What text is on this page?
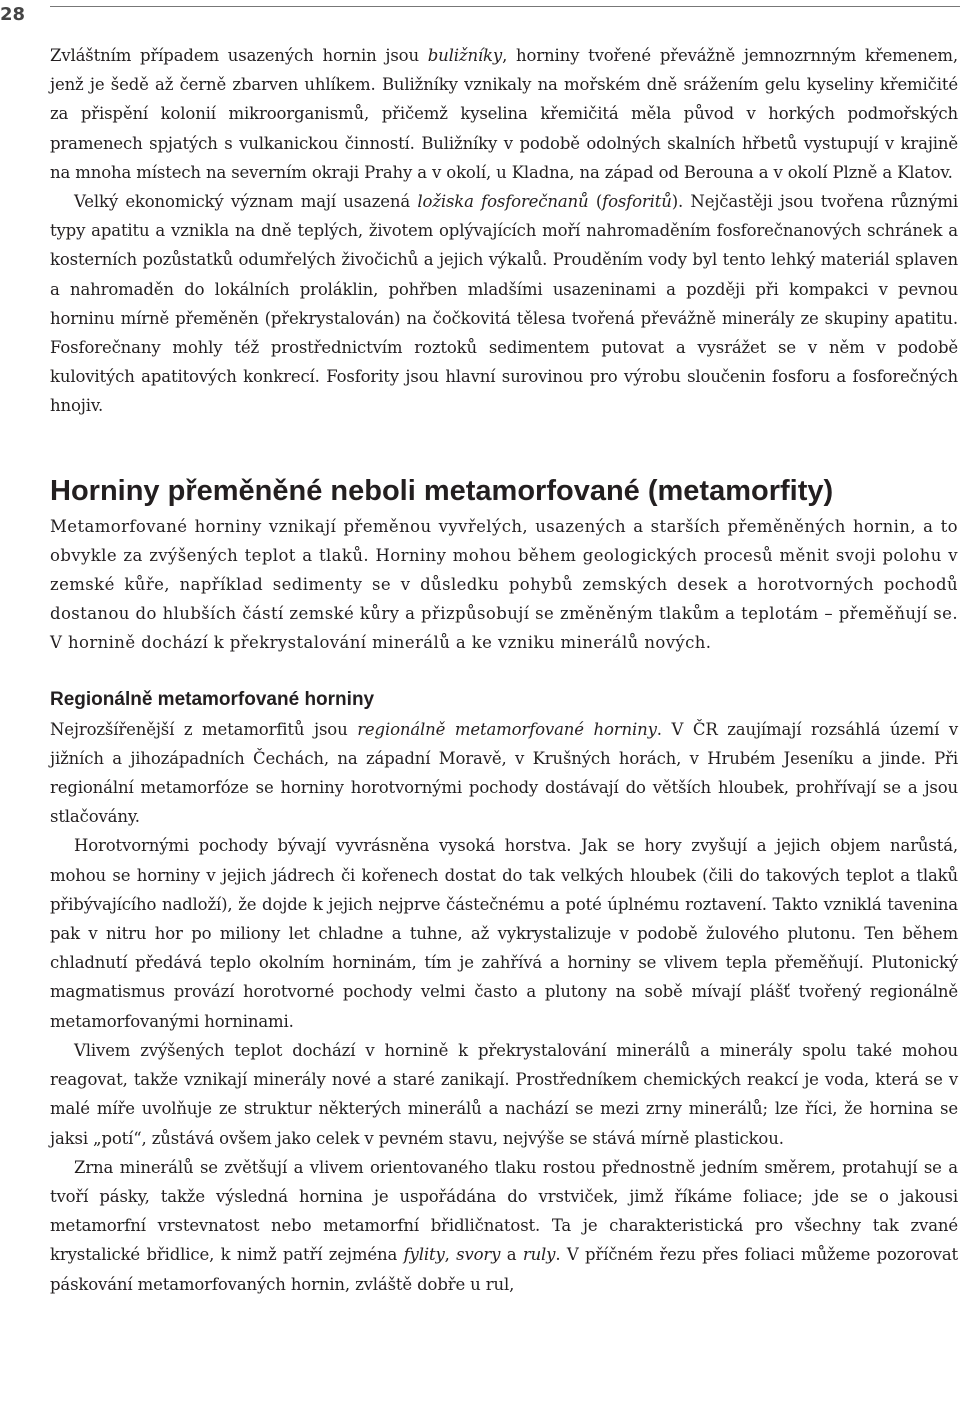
28

Zvláštním případem usazených hornin jsou buližníky, horniny tvořené převážně jemnozrnným křemenem, jenž je šedě až černě zbarven uhlíkem. Buližníky vznikaly na mořském dně srážením gelu kyseliny křemičité za přispění kolonií mikroorganismů, přičemž kyselina křemičitá měla původ v horkých podmořských pramenech spjatých s vulkanickou činností. Buližníky v podobě odolných skalních hřbetů vystupují v krajině na mnoha místech na severním okraji Prahy a v okolí, u Kladna, na západ od Berouna a v okolí Plzně a Klatov.

Velký ekonomický význam mají usazená ložiska fosforečnanů (fosforitů). Nejčastěji jsou tvořena různými typy apatitu a vznikla na dně teplých, životem oplývajících moří nahromaděním fosforečnanových schránek a kosterních pozůstatků odumřelých živočichů a jejich výkalů. Prouděním vody byl tento lehký materiál splaven a nahromaděn do lokálních proláklin, pohřben mladšími usazeninami a později při kompakci v pevnou horninu mírně přeměněn (překrystalován) na čočkovitá tělesa tvořená převážně minerály ze skupiny apatitu. Fosforečnany mohly též prostřednictvím roztoků sedimentem putovat a vysrážet se v něm v podobě kulovitých apatitových konkrecí. Fosfority jsou hlavní surovinou pro výrobu sloučenin fosforu a fosforečných hnojiv.

Horniny přeměněné neboli metamorfované (metamorfity)

Metamorfované horniny vznikají přeměnou vyvřelých, usazených a starších přeměněných hornin, a to obvykle za zvýšených teplot a tlaků. Horniny mohou během geologických procesů měnit svoji polohu v zemské kůře, například sedimenty se v důsledku pohybů zemských desek a horotvorných pochodů dostanou do hlubších částí zemské kůry a přizpůsobují se změněným tlakům a teplotám – přeměňují se. V hornině dochází k překrystalování minerálů a ke vzniku minerálů nových.

Regionálně metamorfované horniny

Nejrozšířenější z metamorfitů jsou regionálně metamorfované horniny. V ČR zaujímají rozsáhlá území v jižních a jihozápadních Čechách, na západní Moravě, v Krušných horách, v Hrubém Jeseníku a jinde. Při regionální metamorfóze se horniny horotvornými pochody dostávají do větších hloubek, prohřívají se a jsou stlačovány.

Horotvornými pochody bývají vyvrásněna vysoká horstva. Jak se hory zvyšují a jejich objem narůstá, mohou se horniny v jejich jádrech či kořenech dostat do tak velkých hloubek (čili do takových teplot a tlaků přibývajícího nadloží), že dojde k jejich nejprve částečnému a poté úplnému roztavení. Takto vzniklá tavenina pak v nitru hor po miliony let chladne a tuhne, až vykrystalizuje v podobě žulového plutonu. Ten během chladnutí předává teplo okolním horninám, tím je zahřívá a horniny se vlivem tepla přeměňují. Plutonický magmatismus provází horotvorné pochody velmi často a plutony na sobě mívají plášť tvořený regionálně metamorfovanými horninami.

Vlivem zvýšených teplot dochází v hornině k překrystalování minerálů a minerály spolu také mohou reagovat, takže vznikají minerály nové a staré zanikají. Prostředníkem chemických reakcí je voda, která se v malé míře uvolňuje ze struktur některých minerálů a nachází se mezi zrny minerálů; lze říci, že hornina se jaksi „potí“, zůstává ovšem jako celek v pevném stavu, nejvýše se stává mírně plastickou.

Zrna minerálů se zvětšují a vlivem orientovaného tlaku rostou přednostně jedním směrem, protahují se a tvoří pásky, takže výsledná hornina je uspořádána do vrstviček, jimž říkáme foliace; jde se o jakousi metamorfní vrstevnatost nebo metamorfní břidličnatost. Ta je charakteristická pro všechny tak zvané krystalické břidlice, k nimž patří zejména fylity, svory a ruly. V příčném řezu přes foliaci můžeme pozorovat páskování metamorfovaných hornin, zvláště dobře u rul,
